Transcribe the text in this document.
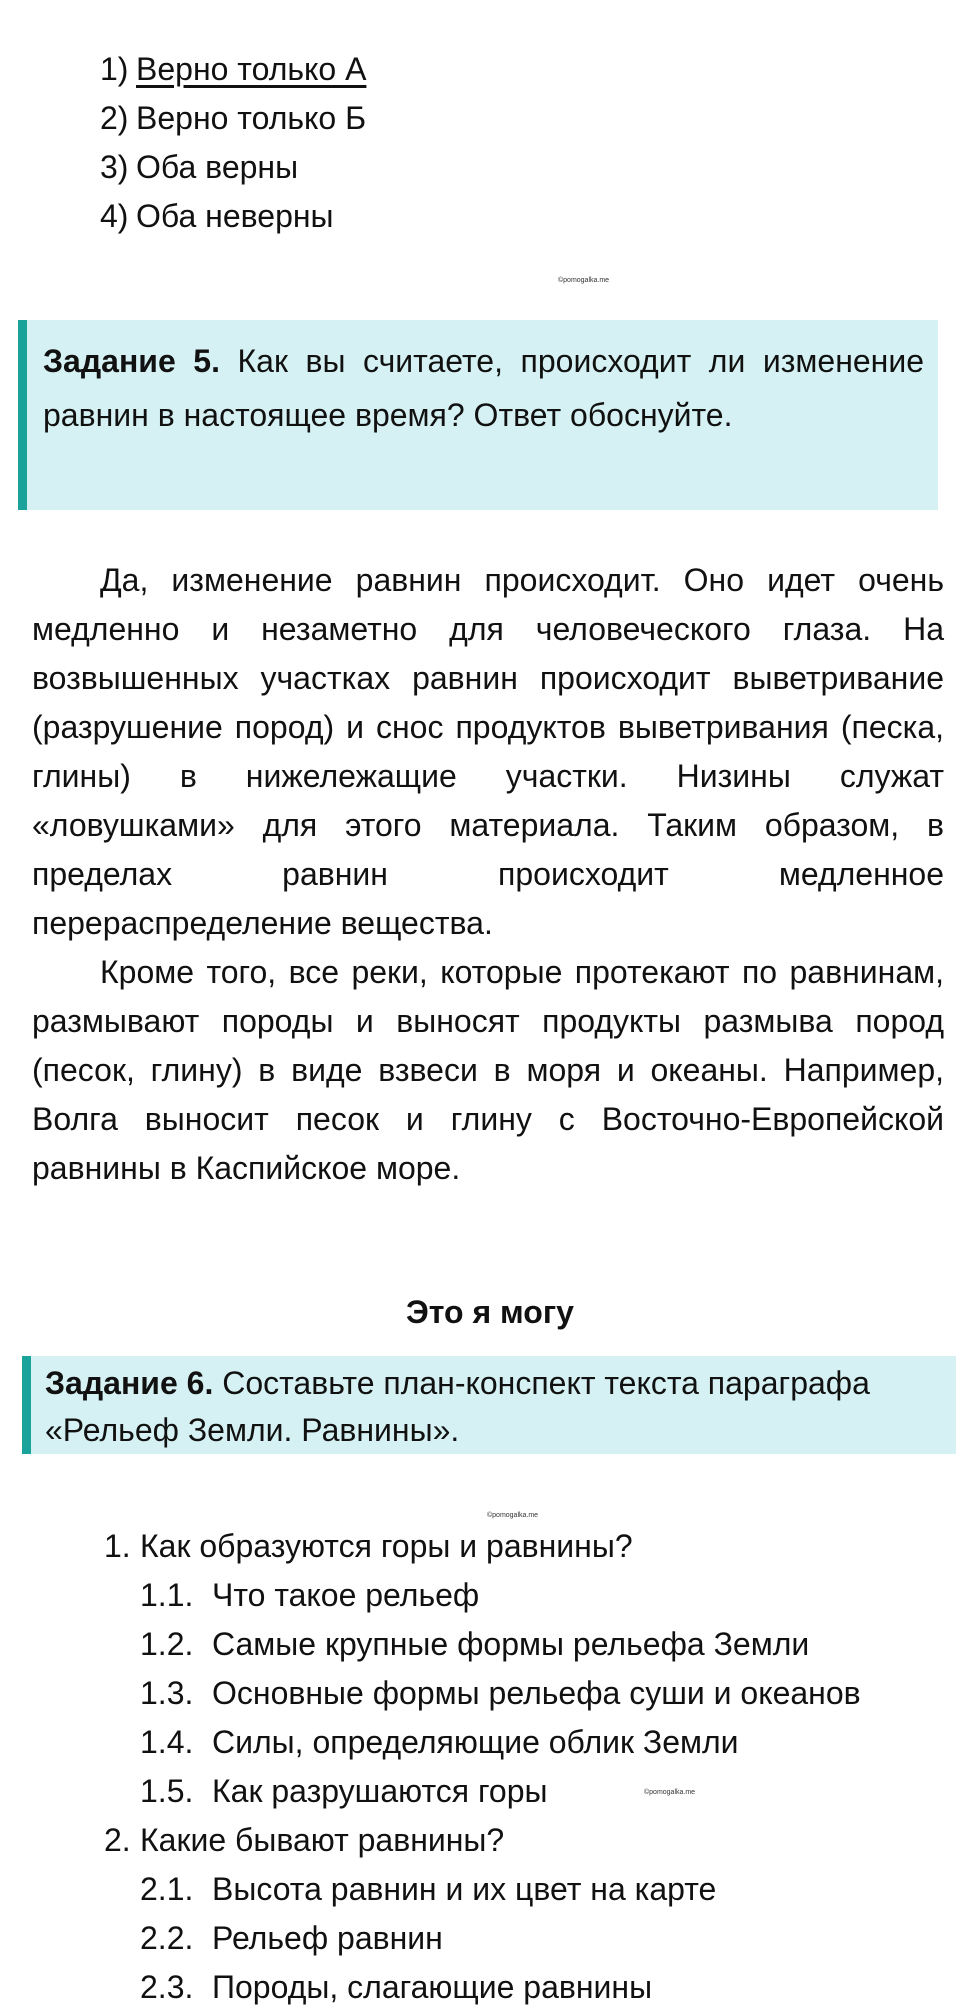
1) Верно только А
2) Верно только Б
3) Оба верны
4) Оба неверны
©pomogalka.me
Задание 5. Как вы считаете, происходит ли изменение равнин в настоящее время? Ответ обоснуйте.

Да, изменение равнин происходит. Оно идет очень медленно и незаметно для человеческого глаза. На возвышенных участках равнин происходит выветривание (разрушение пород) и снос продуктов выветривания (песка, глины) в нижележащие участки. Низины служат «ловушками» для этого материала. Таким образом, в пределах равнин происходит медленное перераспределение вещества.

Кроме того, все реки, которые протекают по равнинам, размывают породы и выносят продукты размыва пород (песок, глину) в виде взвеси в моря и океаны. Например, Волга выносит песок и глину с Восточно-Европейской равнины в Каспийское море.

Это я могу
Задание 6. Составьте план-конспект текста параграфа «Рельеф Земли. Равнины».
©pomogalka.me
1. Как образуются горы и равнины?
1.1. Что такое рельеф
1.2. Самые крупные формы рельефа Земли
1.3. Основные формы рельефа суши и океанов
1.4. Силы, определяющие облик Земли
1.5. Как разрушаются горы
2. Какие бывают равнины?
2.1. Высота равнин и их цвет на карте
2.2. Рельеф равнин
2.3. Породы, слагающие равнины
©pomogalka.me
